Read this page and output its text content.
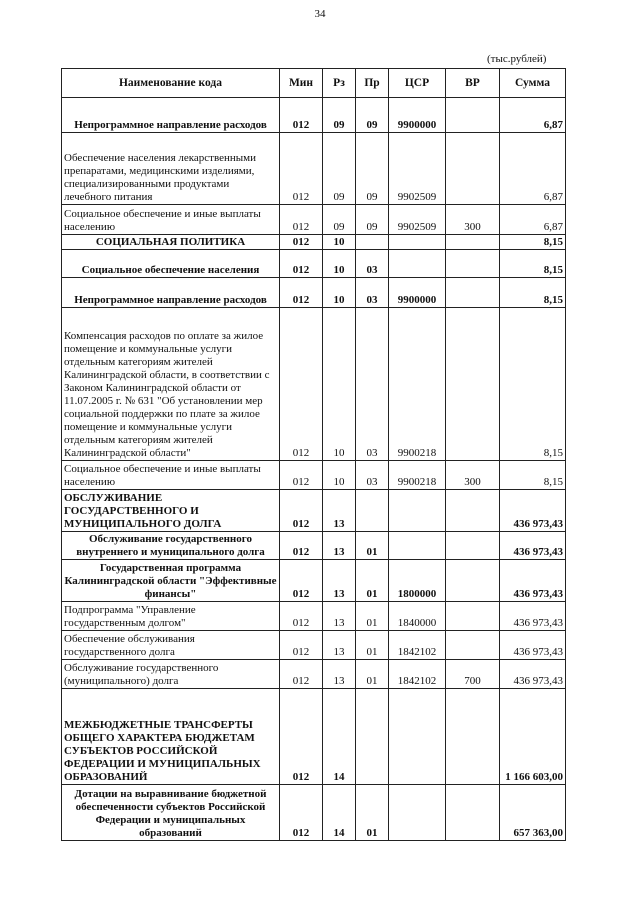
34
(тыс.рублей)
Наименование кода	Мин	Рз	Пр	ЦСР	ВР	Сумма
Непрограммное направление расходов	012	09	09	9900000		6,87
Обеспечение населения лекарственными препаратами, медицинскими изделиями, специализированными продуктами лечебного питания	012	09	09	9902509		6,87
Социальное обеспечение и иные выплаты населению	012	09	09	9902509	300	6,87
СОЦИАЛЬНАЯ ПОЛИТИКА	012	10				8,15
Социальное обеспечение населения	012	10	03			8,15
Непрограммное направление расходов	012	10	03	9900000		8,15
Компенсация расходов по оплате за жилое помещение и коммунальные услуги отдельным категориям жителей Калининградской области, в соответствии с Законом Калининградской области от 11.07.2005 г. № 631 "Об установлении мер социальной поддержки по плате за жилое помещение и коммунальные услуги отдельным категориям жителей Калининградской области"	012	10	03	9900218		8,15
Социальное обеспечение и иные выплаты населению	012	10	03	9900218	300	8,15
ОБСЛУЖИВАНИЕ ГОСУДАРСТВЕННОГО И МУНИЦИПАЛЬНОГО ДОЛГА	012	13				436 973,43
Обслуживание государственного внутреннего и муниципального долга	012	13	01			436 973,43
Государственная программа Калининградской области "Эффективные финансы"	012	13	01	1800000		436 973,43
Подпрограмма "Управление государственным долгом"	012	13	01	1840000		436 973,43
Обеспечение обслуживания государственного долга	012	13	01	1842102		436 973,43
Обслуживание государственного (муниципального) долга	012	13	01	1842102	700	436 973,43
МЕЖБЮДЖЕТНЫЕ ТРАНСФЕРТЫ ОБЩЕГО ХАРАКТЕРА БЮДЖЕТАМ СУБЪЕКТОВ РОССИЙСКОЙ ФЕДЕРАЦИИ И МУНИЦИПАЛЬНЫХ ОБРАЗОВАНИЙ	012	14				1 166 603,00
Дотации на выравнивание бюджетной обеспеченности субъектов Российской Федерации и муниципальных образований	012	14	01			657 363,00
